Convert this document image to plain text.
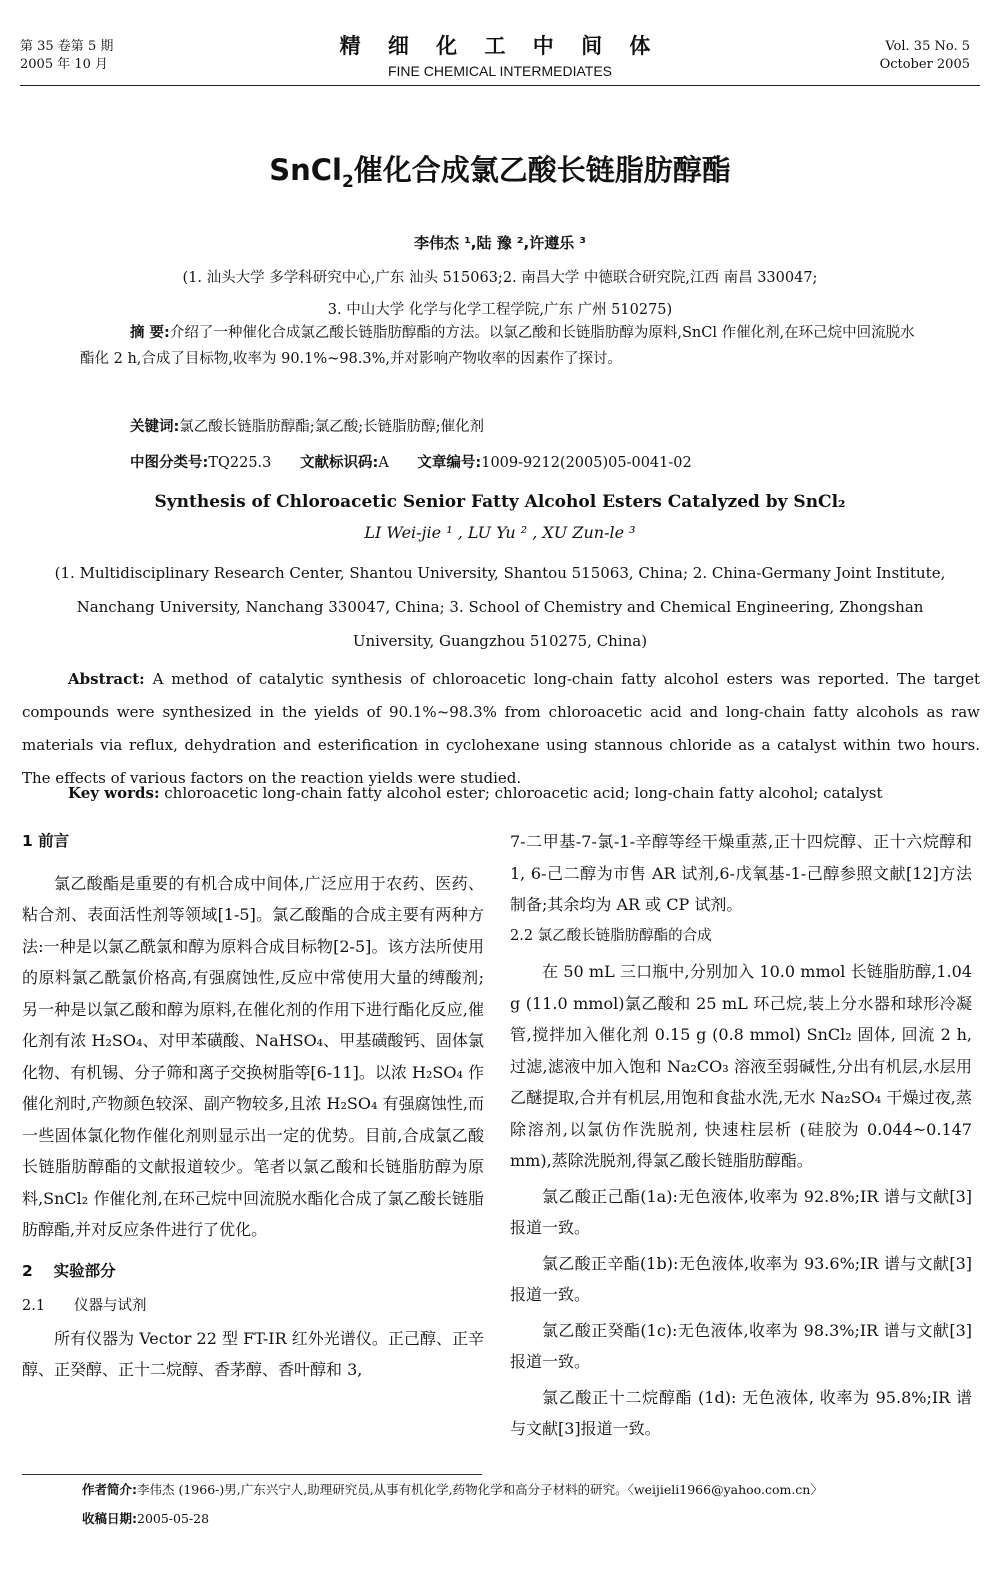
第 35 卷第 5 期
2005 年 10 月
精 细 化 工 中 间 体
FINE CHEMICAL INTERMEDIATES
Vol. 35 No. 5
October 2005
SnCl$_2$催化合成氯乙酸长链脂肪醇酯
李伟杰 ¹,陆 豫 ²,许遵乐 ³
(1. 汕头大学 多学科研究中心,广东 汕头 515063;2. 南昌大学 中德联合研究院,江西 南昌 330047;
3. 中山大学 化学与化学工程学院,广东 广州 510275)
摘 要:介绍了一种催化合成氯乙酸长链脂肪醇酯的方法。以氯乙酸和长链脂肪醇为原料,SnCl 作催化剂,在环己烷中回流脱水酯化 2 h,合成了目标物,收率为 90.1%~98.3%,并对影响产物收率的因素作了探讨。
关键词:氯乙酸长链脂肪醇酯;氯乙酸;长链脂肪醇;催化剂
中图分类号:TQ225.3 文献标识码:A 文章编号:1009-9212(2005)05-0041-02
Synthesis of Chloroacetic Senior Fatty Alcohol Esters Catalyzed by SnCl₂
LI Wei-jie ¹ , LU Yu ² , XU Zun-le ³
(1. Multidisciplinary Research Center, Shantou University, Shantou 515063, China; 2. China-Germany Joint Institute, Nanchang University, Nanchang 330047, China; 3. School of Chemistry and Chemical Engineering, Zhongshan University, Guangzhou 510275, China)
Abstract: A method of catalytic synthesis of chloroacetic long-chain fatty alcohol esters was reported. The target compounds were synthesized in the yields of 90.1%~98.3% from chloroacetic acid and long-chain fatty alcohols as raw materials via reflux, dehydration and esterification in cyclohexane using stannous chloride as a catalyst within two hours. The effects of various factors on the reaction yields were studied.
Key words: chloroacetic long-chain fatty alcohol ester; chloroacetic acid; long-chain fatty alcohol; catalyst

1 前言

氯乙酸酯是重要的有机合成中间体,广泛应用于农药、医药、粘合剂、表面活性剂等领域[1-5]。氯乙酸酯的合成主要有两种方法:一种是以氯乙酰氯和醇为原料合成目标物[2-5]。该方法所使用的原料氯乙酰氯价格高,有强腐蚀性,反应中常使用大量的缚酸剂;另一种是以氯乙酸和醇为原料,在催化剂的作用下进行酯化反应,催化剂有浓 H₂SO₄、对甲苯磺酸、NaHSO₄、甲基磺酸钙、固体氯化物、有机锡、分子筛和离子交换树脂等[6-11]。以浓 H₂SO₄ 作催化剂时,产物颜色较深、副产物较多,且浓 H₂SO₄ 有强腐蚀性,而一些固体氯化物作催化剂则显示出一定的优势。目前,合成氯乙酸长链脂肪醇酯的文献报道较少。笔者以氯乙酸和长链脂肪醇为原料,SnCl₂ 作催化剂,在环己烷中回流脱水酯化合成了氯乙酸长链脂肪醇酯,并对反应条件进行了优化。

2　 实验部分

2.1　　仪器与试剂

所有仪器为 Vector 22 型 FT-IR 红外光谱仪。正己醇、正辛醇、正癸醇、正十二烷醇、香茅醇、香叶醇和 3,

7-二甲基-7-氯-1-辛醇等经干燥重蒸,正十四烷醇、正十六烷醇和 1, 6-己二醇为市售 AR 试剂,6-戊氧基-1-己醇参照文献[12]方法制备;其余均为 AR 或 CP 试剂。

2.2 氯乙酸长链脂肪醇酯的合成

在 50 mL 三口瓶中,分别加入 10.0 mmol 长链脂肪醇,1.04 g (11.0 mmol)氯乙酸和 25 mL 环己烷,装上分水器和球形冷凝管,搅拌加入催化剂 0.15 g (0.8 mmol) SnCl₂ 固体, 回流 2 h,过滤,滤液中加入饱和 Na₂CO₃ 溶液至弱碱性,分出有机层,水层用乙醚提取,合并有机层,用饱和食盐水洗,无水 Na₂SO₄ 干燥过夜,蒸除溶剂,以氯仿作洗脱剂, 快速柱层析 (硅胶为 0.044~0.147 mm),蒸除洗脱剂,得氯乙酸长链脂肪醇酯。

氯乙酸正己酯(1a):无色液体,收率为 92.8%;IR 谱与文献[3]报道一致。

氯乙酸正辛酯(1b):无色液体,收率为 93.6%;IR 谱与文献[3]报道一致。

氯乙酸正癸酯(1c):无色液体,收率为 98.3%;IR 谱与文献[3]报道一致。

氯乙酸正十二烷醇酯 (1d): 无色液体, 收率为 95.8%;IR 谱与文献[3]报道一致。

作者简介:李伟杰 (1966-)男,广东兴宁人,助理研究员,从事有机化学,药物化学和高分子材料的研究。〈weijieli1966@yahoo.com.cn〉
收稿日期:2005-05-28
